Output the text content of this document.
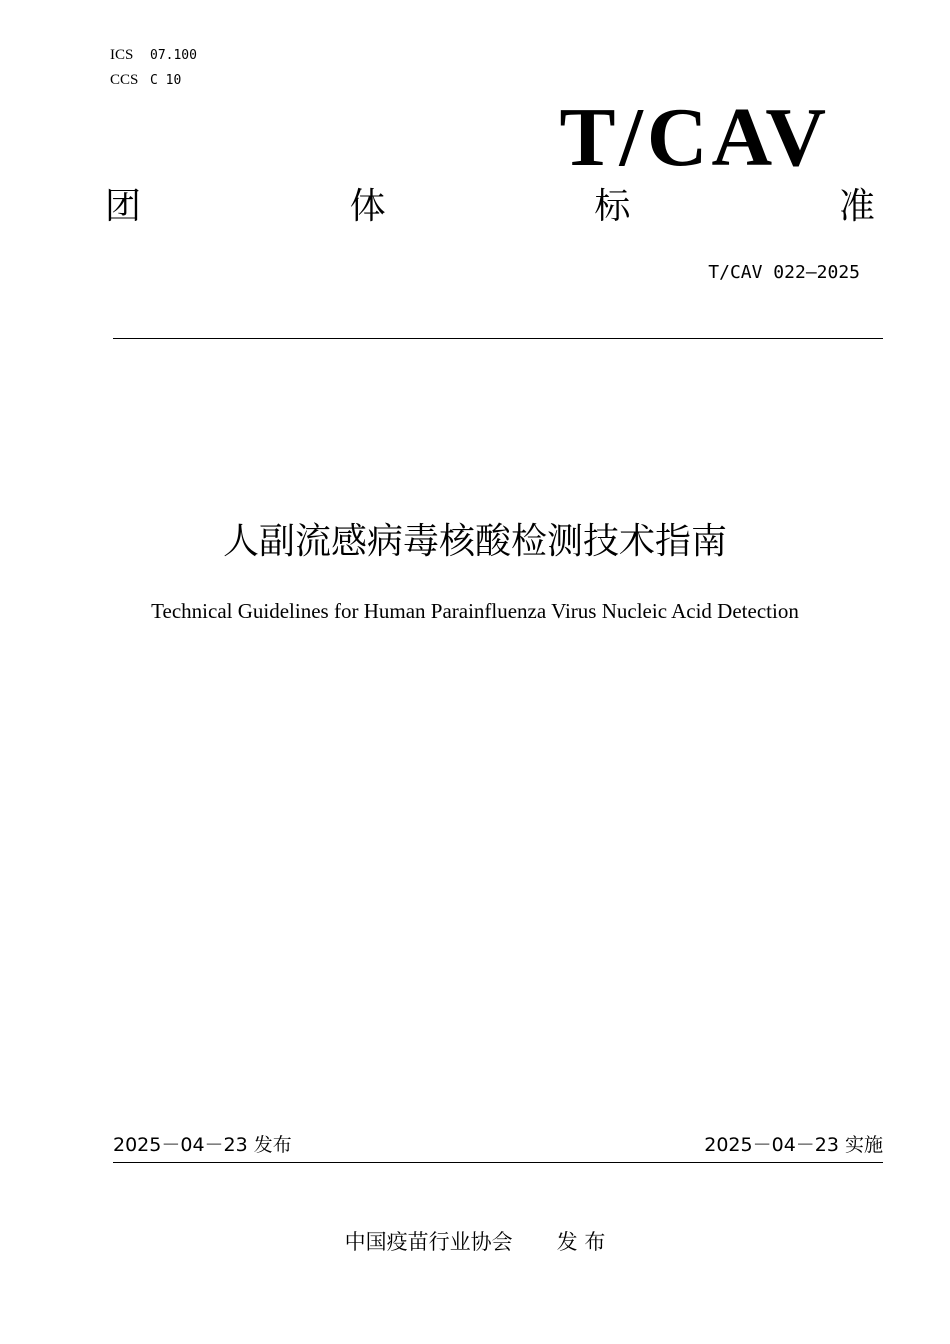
ICS 07.100
CCS C 10
T/CAV
团	体	标	准
T/CAV 022—2025
人副流感病毒核酸检测技术指南
Technical Guidelines for Human Parainfluenza Virus Nucleic Acid Detection
2025－04－23 发布	2025－04－23 实施
中国疫苗行业协会 发 布
